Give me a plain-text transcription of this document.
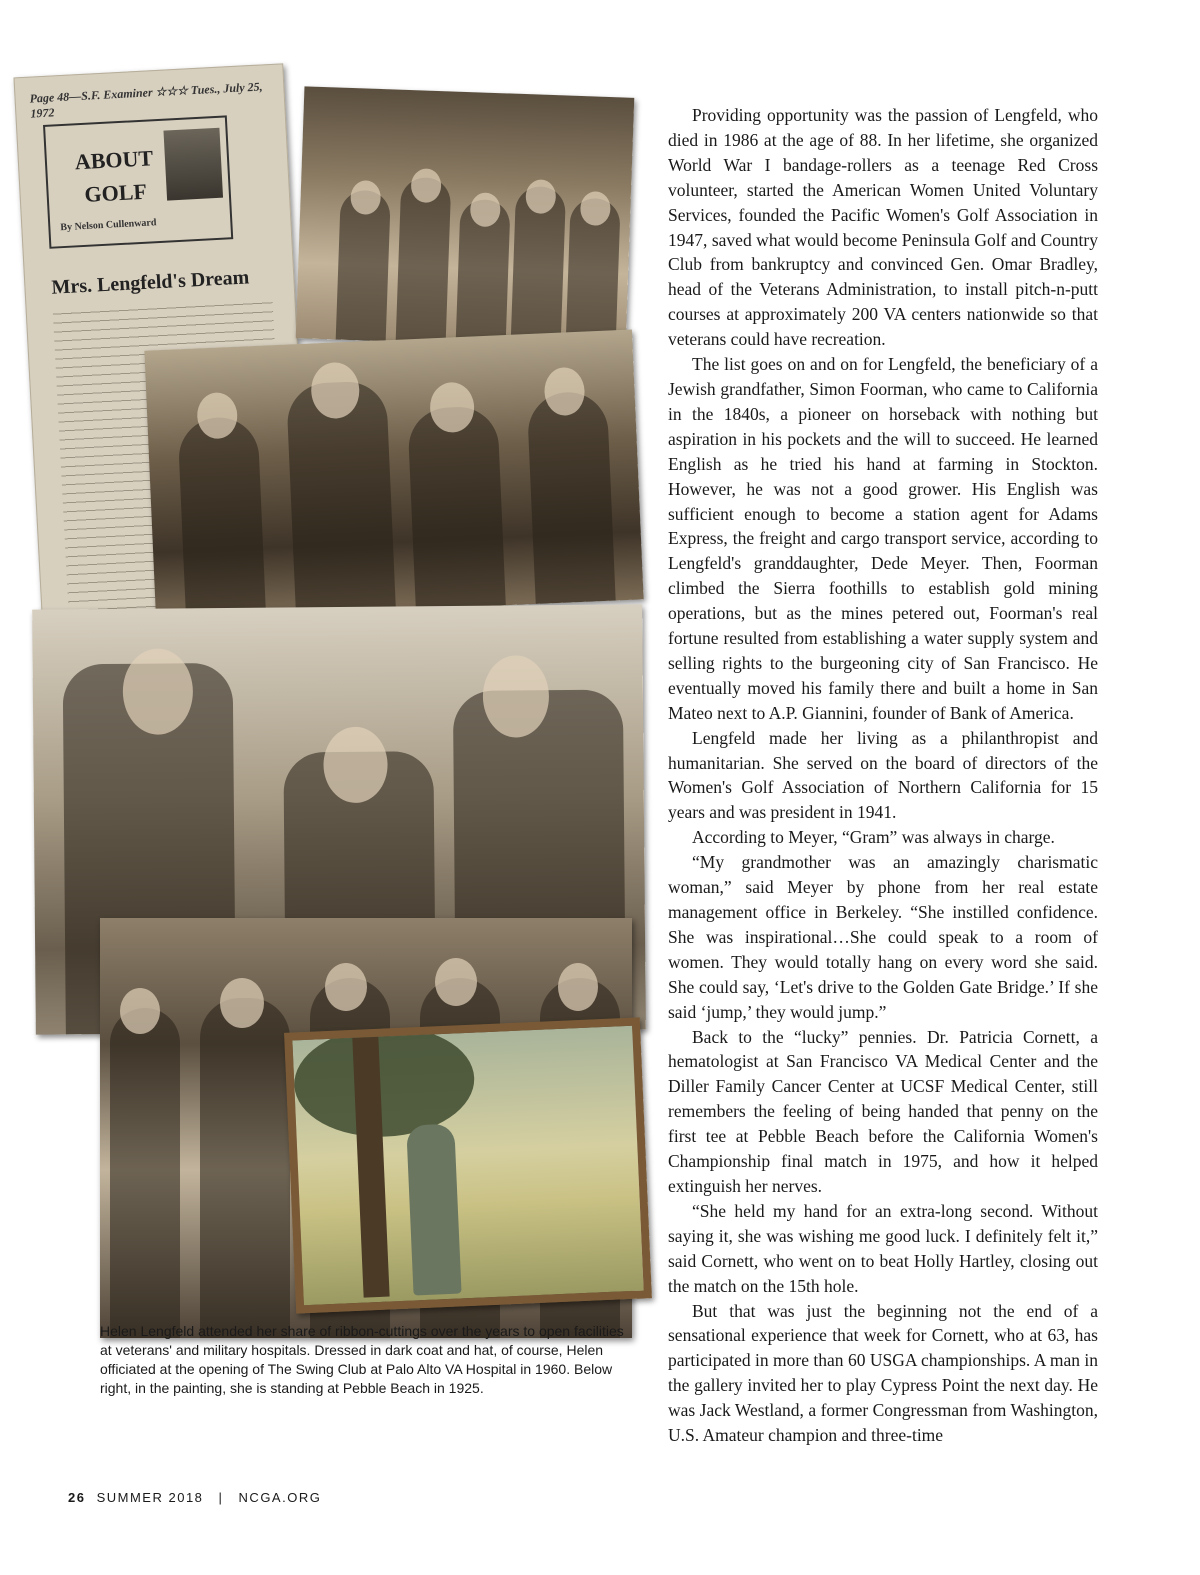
Page 48—S.F. Examiner ☆☆☆ Tues., July 25, 1972
ABOUT GOLF
By Nelson Cullenward
Mrs. Lengfeld's Dream
Helen Lengfeld attended her share of ribbon-cuttings over the years to open facilities at veterans' and military hospitals. Dressed in dark coat and hat, of course, Helen officiated at the opening of The Swing Club at Palo Alto VA Hospital in 1960. Below right, in the painting, she is standing at Pebble Beach in 1925.

Providing opportunity was the passion of Lengfeld, who died in 1986 at the age of 88. In her lifetime, she organized World War I bandage-rollers as a teenage Red Cross volunteer, started the American Women United Voluntary Services, founded the Pacific Women's Golf Association in 1947, saved what would become Peninsula Golf and Country Club from bankruptcy and convinced Gen. Omar Bradley, head of the Veterans Administration, to install pitch-n-putt courses at approximately 200 VA centers nationwide so that veterans could have recreation.

The list goes on and on for Lengfeld, the beneficiary of a Jewish grandfather, Simon Foorman, who came to California in the 1840s, a pioneer on horseback with nothing but aspiration in his pockets and the will to succeed. He learned English as he tried his hand at farming in Stockton. However, he was not a good grower. His English was sufficient enough to become a station agent for Adams Express, the freight and cargo transport service, according to Lengfeld's granddaughter, Dede Meyer. Then, Foorman climbed the Sierra foothills to establish gold mining operations, but as the mines petered out, Foorman's real fortune resulted from establishing a water supply system and selling rights to the burgeoning city of San Francisco. He eventually moved his family there and built a home in San Mateo next to A.P. Giannini, founder of Bank of America.

Lengfeld made her living as a philanthropist and humanitarian. She served on the board of directors of the Women's Golf Association of Northern California for 15 years and was president in 1941.

According to Meyer, “Gram” was always in charge.

“My grandmother was an amazingly charismatic woman,” said Meyer by phone from her real estate management office in Berkeley. “She instilled confidence. She was inspirational…She could speak to a room of women. They would totally hang on every word she said. She could say, ‘Let's drive to the Golden Gate Bridge.’ If she said ‘jump,’ they would jump.”

Back to the “lucky” pennies. Dr. Patricia Cornett, a hematologist at San Francisco VA Medical Center and the Diller Family Cancer Center at UCSF Medical Center, still remembers the feeling of being handed that penny on the first tee at Pebble Beach before the California Women's Championship final match in 1975, and how it helped extinguish her nerves.

“She held my hand for an extra-long second. Without saying it, she was wishing me good luck. I definitely felt it,” said Cornett, who went on to beat Holly Hartley, closing out the match on the 15th hole.

But that was just the beginning not the end of a sensational experience that week for Cornett, who at 63, has participated in more than 60 USGA championships. A man in the gallery invited her to play Cypress Point the next day. He was Jack Westland, a former Congressman from Washington, U.S. Amateur champion and three-time

26 SUMMER 2018 | NCGA.ORG
